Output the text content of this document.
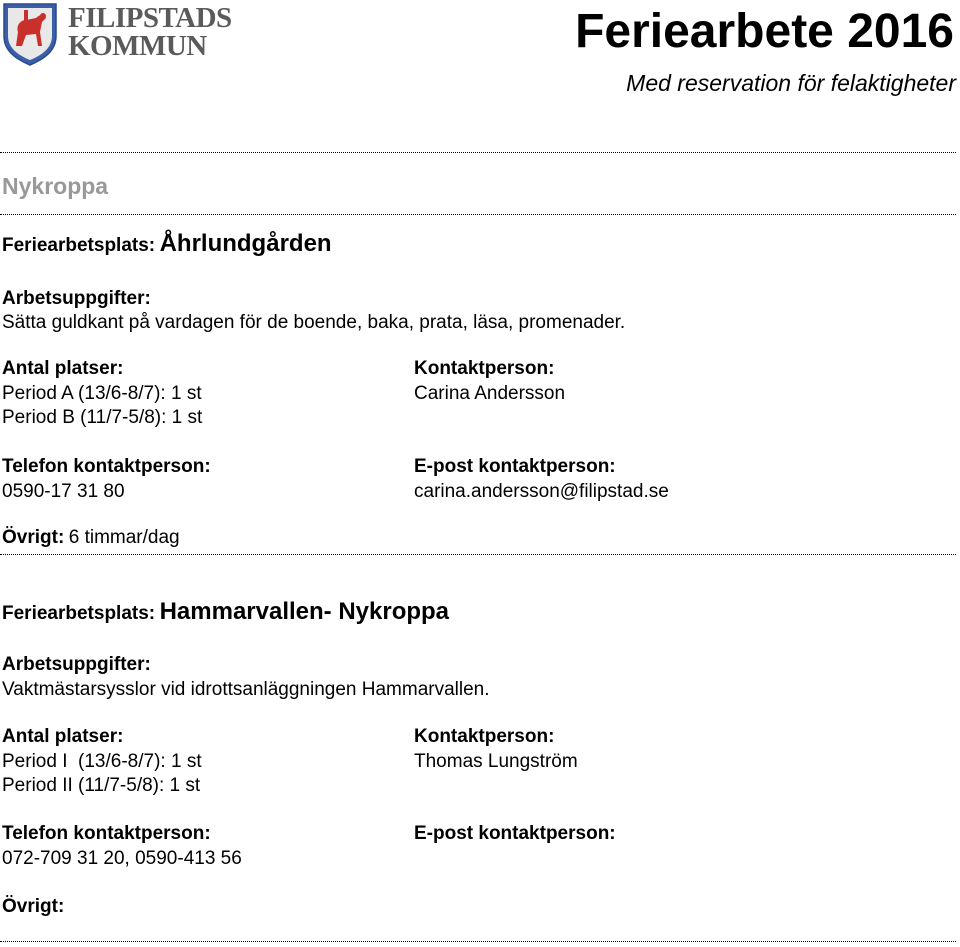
FILIPSTADS
KOMMUN	Feriearbete 2016
Med reservation för felaktigheter
Nykroppa
Feriearbetsplats: Åhrlundgården
Arbetsuppgifter:
Sätta guldkant på vardagen för de boende, baka, prata, läsa, promenader.
Antal platser:
Period A (13/6-8/7): 1 st
Period B (11/7-5/8): 1 st
Kontaktperson:
Carina Andersson
Telefon kontaktperson:
0590-17 31 80
E-post kontaktperson:
carina.andersson@filipstad.se
Övrigt: 6 timmar/dag
Feriearbetsplats: Hammarvallen- Nykroppa
Arbetsuppgifter:
Vaktmästarsysslor vid idrottsanläggningen Hammarvallen.
Antal platser:
Period I  (13/6-8/7): 1 st
Period II (11/7-5/8): 1 st
Kontaktperson:
Thomas Lungström
Telefon kontaktperson:
072-709 31 20, 0590-413 56
E-post kontaktperson:
Övrigt:
